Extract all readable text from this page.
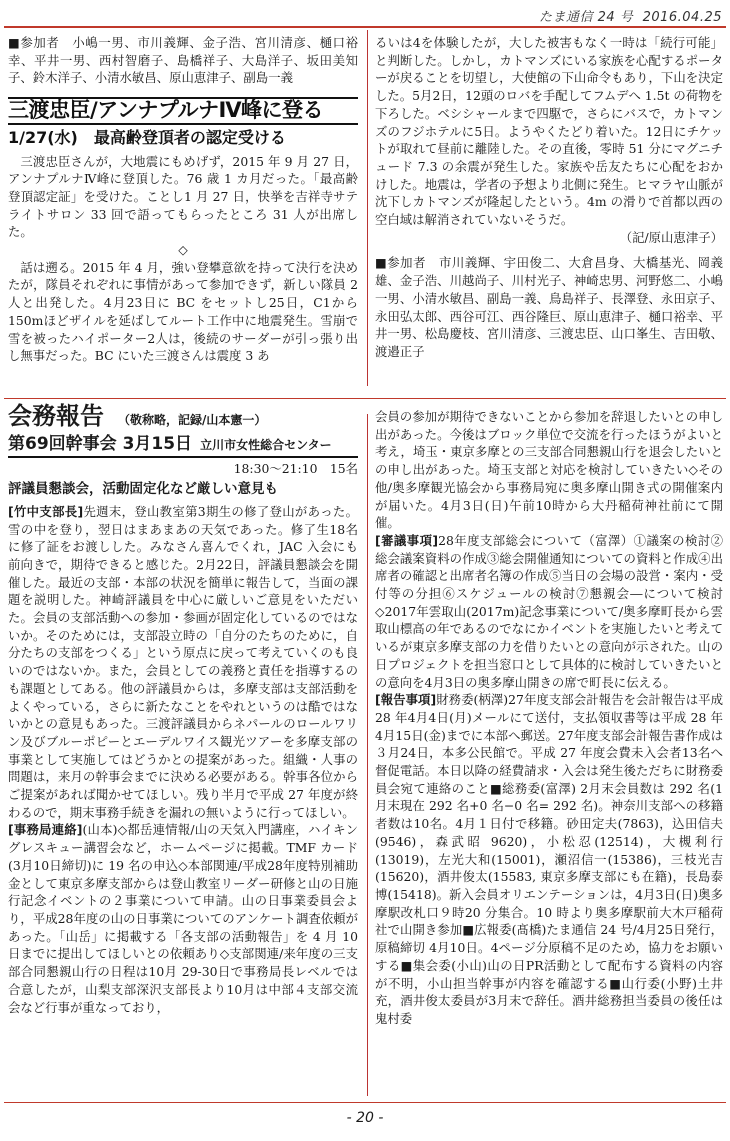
たま通信 24 号 2016.04.25

■参加者　小嶋一男、市川義輝、金子浩、宮川清彦、樋口裕幸、平井一男、西村智磨子、島橋祥子、大島洋子、坂田美知子、鈴木洋子、小清水敏昌、原山恵津子、副島一義

三渡忠臣/アンナプルナⅣ峰に登る
1/27(水)　最高齢登頂者の認定受ける

三渡忠臣さんが，大地震にもめげず，2015 年 9 月 27 日，アンナプルナⅣ峰に登頂した。76 歳 1 カ月だった。「最高齢登頂認定証」を受けた。ことし1 月 27 日，快挙を吉祥寺サテライトサロン 33 回で語ってもらったところ 31 人が出席した。

◇

話は遡る。2015 年 4 月，強い登攀意欲を持って決行を決めたが，隊員それぞれに事情があって参加できず，新しい隊員 2 人と出発した。4月23日に BC をセットし25日，C1から150mほどザイルを延ばしてルート工作中に地震発生。雪崩で雪を被ったハイポーター2人は，後続のサーダーが引っ張り出し無事だった。BC にいた三渡さんは震度 3 あ

るいは4を体験したが，大した被害もなく一時は「続行可能」と判断した。しかし，カトマンズにいる家族を心配するポーターが戻ることを切望し，大使館の下山命令もあり，下山を決定した。5月2日，12頭のロバを手配してフムデへ 1.5t の荷物を下ろした。ベシシャールまで四駆で，さらにバスで，カトマンズのフジホテルに5日。ようやくたどり着いた。12日にチケットが取れて昼前に離陸した。その直後，零時 51 分にマグニチュード 7.3 の余震が発生した。家族や岳友たちに心配をおかけした。地震は，学者の予想より北側に発生。ヒマラヤ山脈が沈下しカトマンズが隆起したという。4m の滑りで首都以西の空白域は解消されていないそうだ。

（記/原山恵津子）

■参加者　市川義輝、宇田俊二、大倉昌身、大橋基光、岡義雄、金子浩、川越尚子、川村光子、神崎忠男、河野悠二、小嶋一男、小清水敏昌、副島一義、鳥島祥子、長澤登、永田京子、永田弘太郎、西谷可江、西谷隆巨、原山恵津子、樋口裕幸、平井一男、松島慶枝、宮川清彦、三渡忠臣、山口峯生、吉田敬、渡邉正子

会務報告 （敬称略，記録/山本憲一）
第69回幹事会 3月15日 立川市女性総合センター
18:30～21:10　15名
評議員懇談会，活動固定化など厳しい意見も

[竹中支部長]先週末，登山教室第3期生の修了登山があった。雪の中を登り，翌日はまあまあの天気であった。修了生18名に修了証をお渡しした。みなさん喜んでくれ，JAC 入会にも前向きで，期待できると感じた。2月22日，評議員懇談会を開催した。最近の支部・本部の状況を簡単に報告して，当面の課題を説明した。神崎評議員を中心に厳しいご意見をいただいた。会員の支部活動への参加・参画が固定化しているのではないか。そのためには，支部設立時の「自分のたちのために，自分たちの支部をつくる」という原点に戻って考えていくのも良いのではないか。また，会員としての義務と責任を指導するのも課題としてある。他の評議員からは，多摩支部は支部活動をよくやっている，さらに新たなことをやれというのは酷ではないかとの意見もあった。三渡評議員からネパールのロールワリン及びブルーポピーとエーデルワイス観光ツアーを多摩支部の事業として実施してはどうかとの提案があった。組織・人事の問題は，来月の幹事会までに決める必要がある。幹事各位からご提案があれば聞かせてほしい。残り半月で平成 27 年度が終わるので，期末事務手続きを漏れの無いように行ってほしい。

[事務局連絡](山本)◇都岳連情報/山の天気入門講座，ハイキングレスキュー講習会など，ホームページに掲載。TMF カード(3月10日締切)に 19 名の申込◇本部関連/平成28年度特別補助金として東京多摩支部からは登山教室リーダー研修と山の日施行記念イベントの２事業について申請。山の日事業委員会より，平成28年度の山の日事業についてのアンケート調査依頼があった。「山岳」に掲載する「各支部の活動報告」を 4 月 10 日までに提出してほしいとの依頼あり◇支部関連/来年度の三支部合同懇親山行の日程は10月 29-30日で事務局長レベルでは合意したが，山梨支部深沢支部長より10月は中部４支部交流会など行事が重なっており，

会員の参加が期待できないことから参加を辞退したいとの申し出があった。今後はブロック単位で交流を行ったほうがよいと考え，埼玉・東京多摩との三支部合同懇親山行を退会したいとの申し出があった。埼玉支部と対応を検討していきたい◇その他/奥多摩観光協会から事務局宛に奥多摩山開き式の開催案内が届いた。4月3日(日)午前10時から大丹稲荷神社前にて開催。

[審議事項]28年度支部総会について（富澤）①議案の検討②総会議案資料の作成③総会開催通知についての資料と作成④出席者の確認と出席者名簿の作成⑤当日の会場の設営・案内・受付等の分担⑥スケジュールの検討⑦懇親会―について検討◇2017年雲取山(2017m)記念事業について/奥多摩町長から雲取山標高の年であるのでなにかイベントを実施したいと考えているが東京多摩支部の力を借りたいとの意向が示された。山の日プロジェクトを担当窓口として具体的に検討していきたいとの意向を4月3日の奥多摩山開きの席で町長に伝える。

[報告事項]財務委(柄澤)27年度支部会計報告を会計報告は平成 28 年4月4日(月)メールにて送付，支払領収書等は平成 28 年4月15日(金)までに本部へ郵送。27年度支部会計報告書作成は３月24日，本多公民館で。平成 27 年度会費未入会者13名へ督促電話。本日以降の経費請求・入会は発生後ただちに財務委員会宛て連絡のこと■総務委(富澤) 2月末会員数は 292 名(1月末現在 292 名+0 名−0 名= 292 名)。神奈川支部への移籍者数は10名。4月１日付で移籍。砂田定夫(7863)，込田信夫(9546)，森武昭 9620)，小松忍(12514)，大槻利行(13019)，左光大和(15001)，瀬沼信一(15386)，三枝光吉(15620)，酒井俊太(15583, 東京多摩支部にも在籍)，長島泰博(15418)。新入会員オリエンテーションは，4月3日(日)奥多摩駅改札口９時20 分集合。10 時より奥多摩駅前大木戸稲荷社で山開き参加■広報委(髙橋)たま通信 24 号/4月25日発行，原稿締切 4月10日。4ページ分原稿不足のため，協力をお願いする■集会委(小山)山の日PR活動として配布する資料の内容が不明，小山担当幹事が内容を確認する■山行委(小野)土井充，酒井俊太委員が3月末で辞任。酒井総務担当委員の後任は鬼村委

- 20 -
